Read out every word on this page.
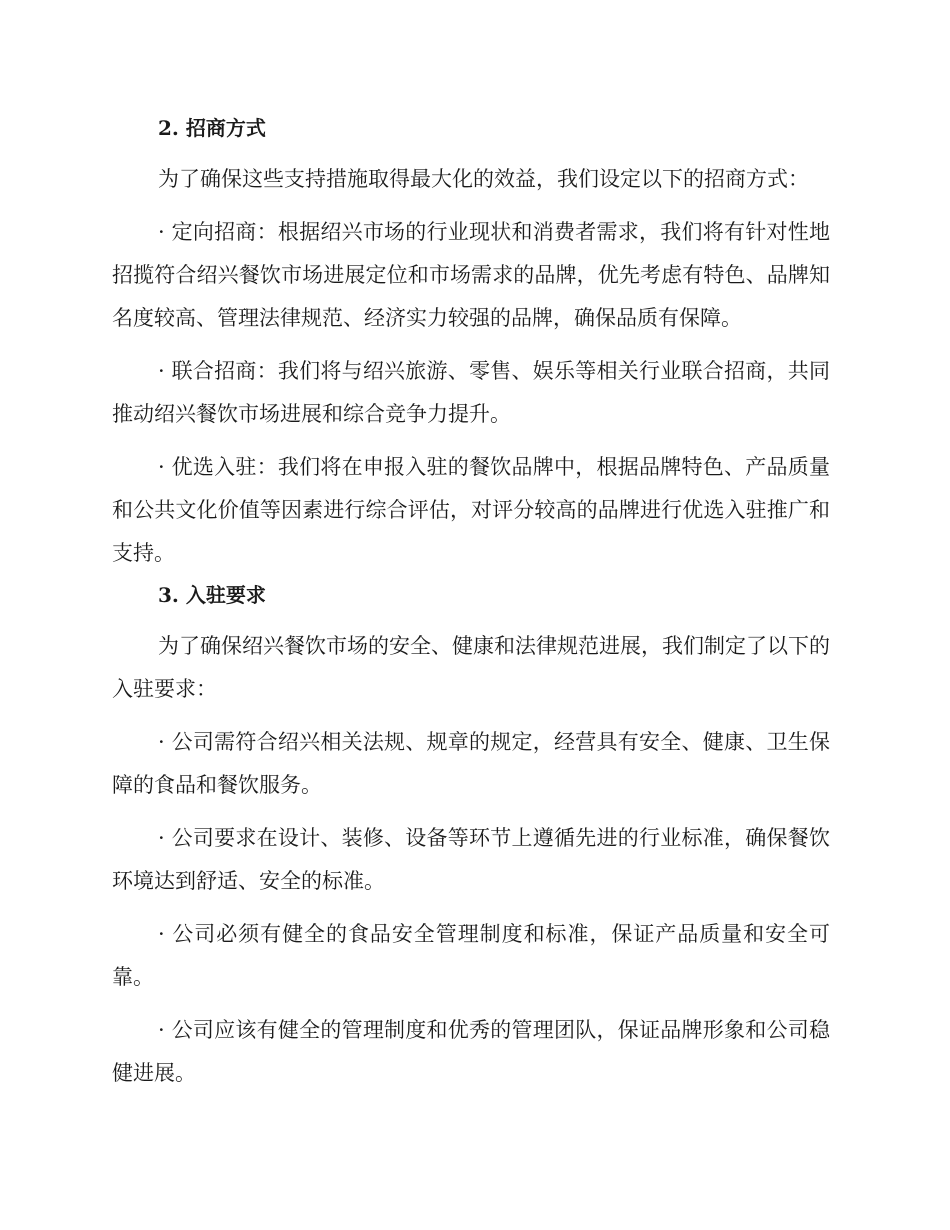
2. 招商方式

为了确保这些支持措施取得最大化的效益，我们设定以下的招商方式：

· 定向招商：根据绍兴市场的行业现状和消费者需求，我们将有针对性地招揽符合绍兴餐饮市场进展定位和市场需求的品牌，优先考虑有特色、品牌知名度较高、管理法律规范、经济实力较强的品牌，确保品质有保障。

· 联合招商：我们将与绍兴旅游、零售、娱乐等相关行业联合招商，共同推动绍兴餐饮市场进展和综合竞争力提升。

· 优选入驻：我们将在申报入驻的餐饮品牌中，根据品牌特色、产品质量和公共文化价值等因素进行综合评估，对评分较高的品牌进行优选入驻推广和支持。

3. 入驻要求

为了确保绍兴餐饮市场的安全、健康和法律规范进展，我们制定了以下的入驻要求：

· 公司需符合绍兴相关法规、规章的规定，经营具有安全、健康、卫生保障的食品和餐饮服务。

· 公司要求在设计、装修、设备等环节上遵循先进的行业标准，确保餐饮环境达到舒适、安全的标准。

· 公司必须有健全的食品安全管理制度和标准，保证产品质量和安全可靠。

· 公司应该有健全的管理制度和优秀的管理团队，保证品牌形象和公司稳健进展。
